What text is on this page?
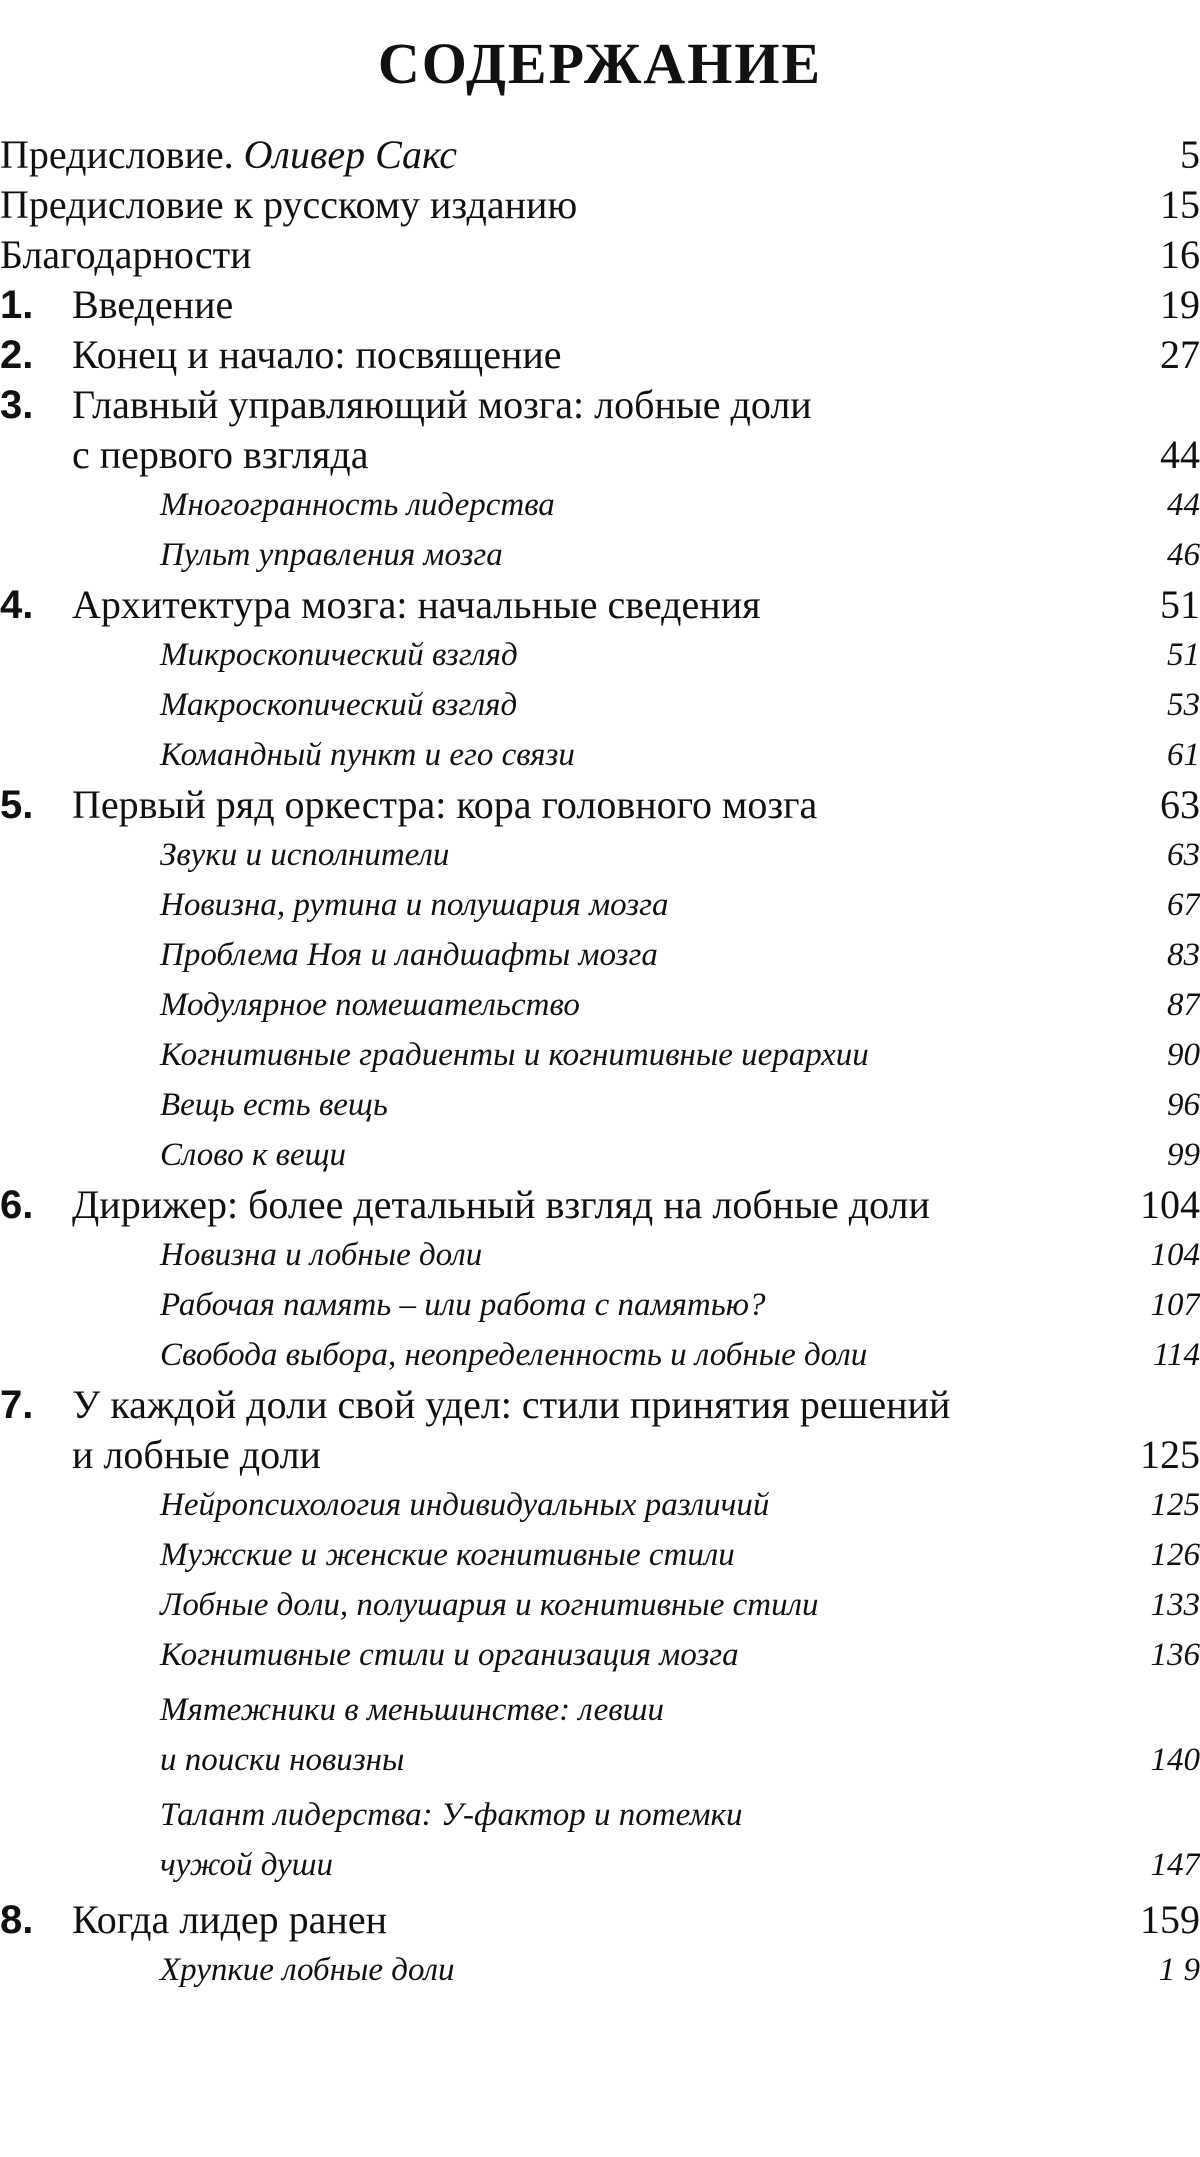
СОДЕРЖАНИЕ
Предисловие. Оливер Сакс	5
Предисловие к русскому изданию	15
Благодарности	16
1. Введение	19
2. Конец и начало: посвящение	27
3. Главный управляющий мозга: лобные доли
с первого взгляда	44
Многогранность лидерства	44
Пульт управления мозга	46
4. Архитектура мозга: начальные сведения	51
Микроскопический взгляд	51
Макроскопический взгляд	53
Командный пункт и его связи	61
5. Первый ряд оркестра: кора головного мозга	63
Звуки и исполнители	63
Новизна, рутина и полушария мозга	67
Проблема Ноя и ландшафты мозга	83
Модулярное помешательство	87
Когнитивные градиенты и когнитивные иерархии	90
Вещь есть вещь	96
Слово к вещи	99
6. Дирижер: более детальный взгляд на лобные доли	104
Новизна и лобные доли	104
Рабочая память – или работа с памятью?	107
Свобода выбора, неопределенность и лобные доли	114
7. У каждой доли свой удел: стили принятия решений
и лобные доли	125
Нейропсихология индивидуальных различий	125
Мужские и женские когнитивные стили	126
Лобные доли, полушария и когнитивные стили	133
Когнитивные стили и организация мозга	136
Мятежники в меньшинстве: левши
и поиски новизны	140
Талант лидерства: У-фактор и потемки
чужой души	147
8. Когда лидер ранен	159
Хрупкие лобные доли	1 9
